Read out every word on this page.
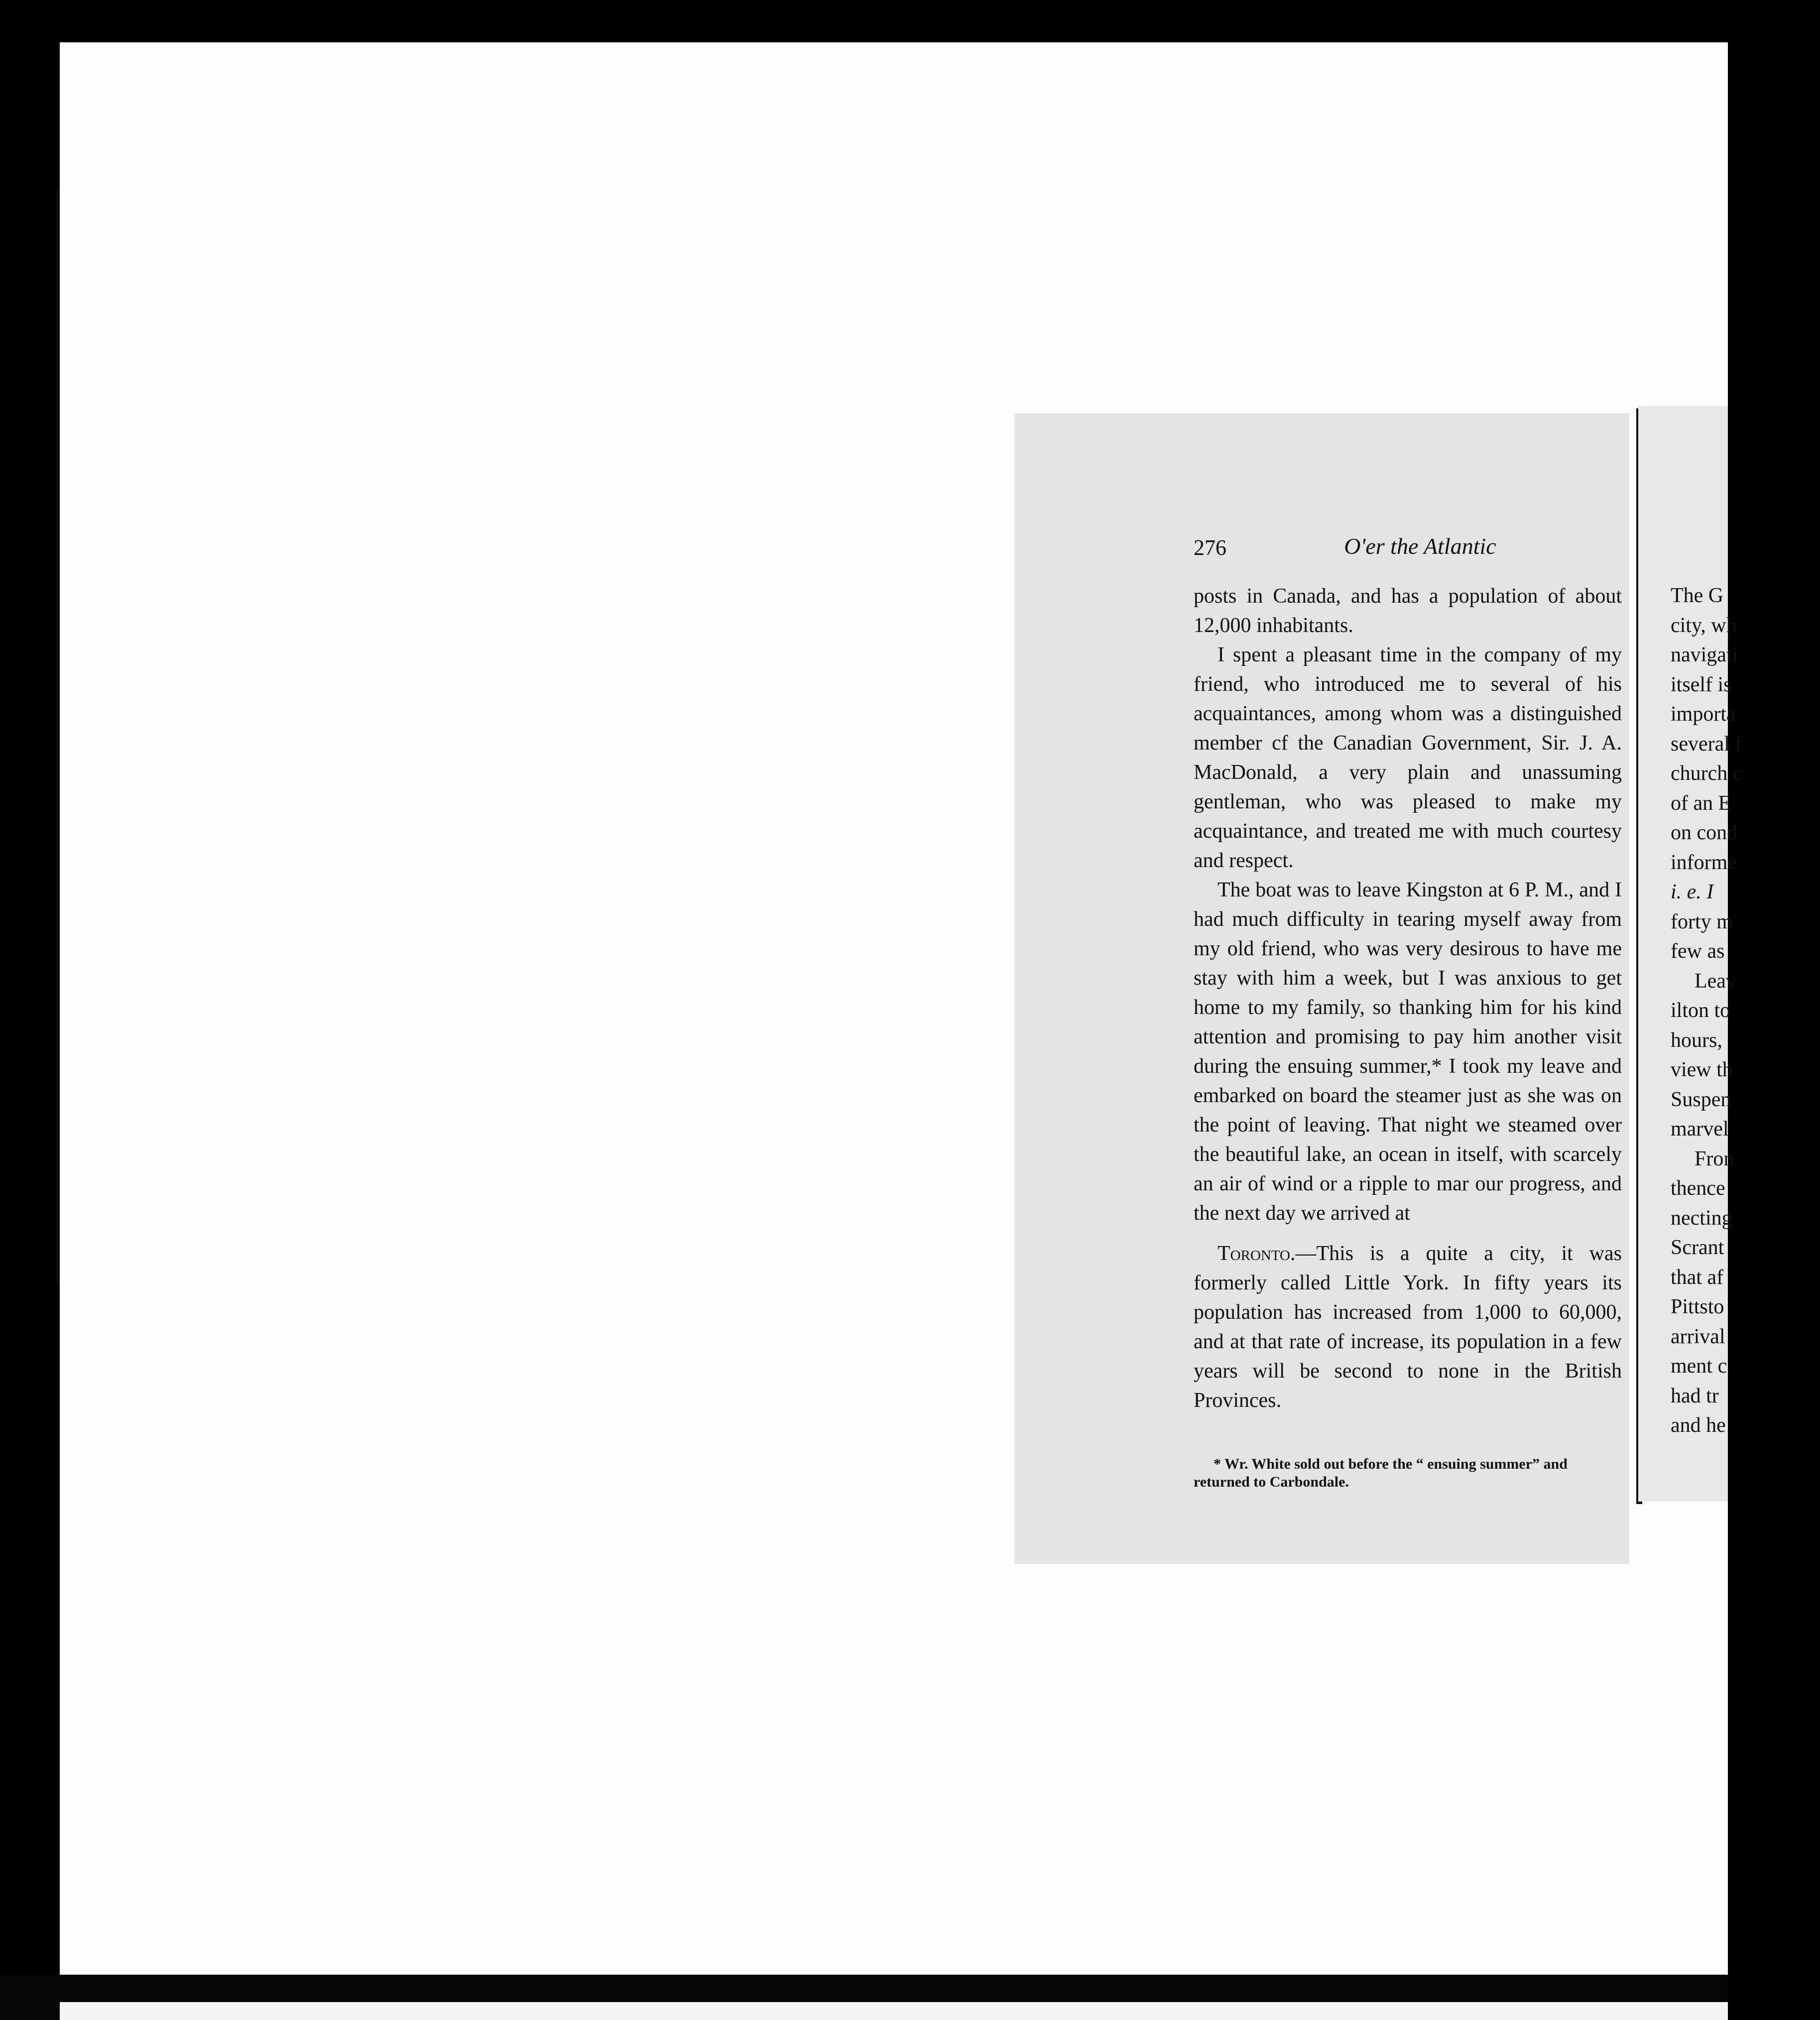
276	O'er the Atlantic

posts in Canada, and has a population of about 12,000 inhabitants.

I spent a pleasant time in the company of my friend, who introduced me to several of his acquaintances, among whom was a distinguished member cf the Canadian Government, Sir. J. A. MacDonald, a very plain and unassuming gentleman, who was pleased to make my acquaintance, and treated me with much courtesy and respect.

The boat was to leave Kingston at 6 P. M., and I had much difficulty in tearing myself away from my old friend, who was very desirous to have me stay with him a week, but I was anxious to get home to my family, so thanking him for his kind attention and promising to pay him another visit during the ensuing summer,* I took my leave and embarked on board the steamer just as she was on the point of leaving. That night we steamed over the beautiful lake, an ocean in itself, with scarcely an air of wind or a ripple to mar our progress, and the next day we arrived at

Toronto.—This is a quite a city, it was formerly called Little York. In fifty years its population has increased from 1,000 to 60,000, and at that rate of increase, its population in a few years will be second to none in the British Provinces.

* Wr. White sold out before the “ ensuing summer” and returned to Carbondale.
The G
city, wh
navigati
itself is
importa
several f
church c
of an E
on cond
informe
i. e. I
forty m
few as
Leav
ilton to
hours,
view th
Suspen
marvel
Fron
thence
necting
Scrant
that af
Pittsto
arrival
ment c
had tr
and he
